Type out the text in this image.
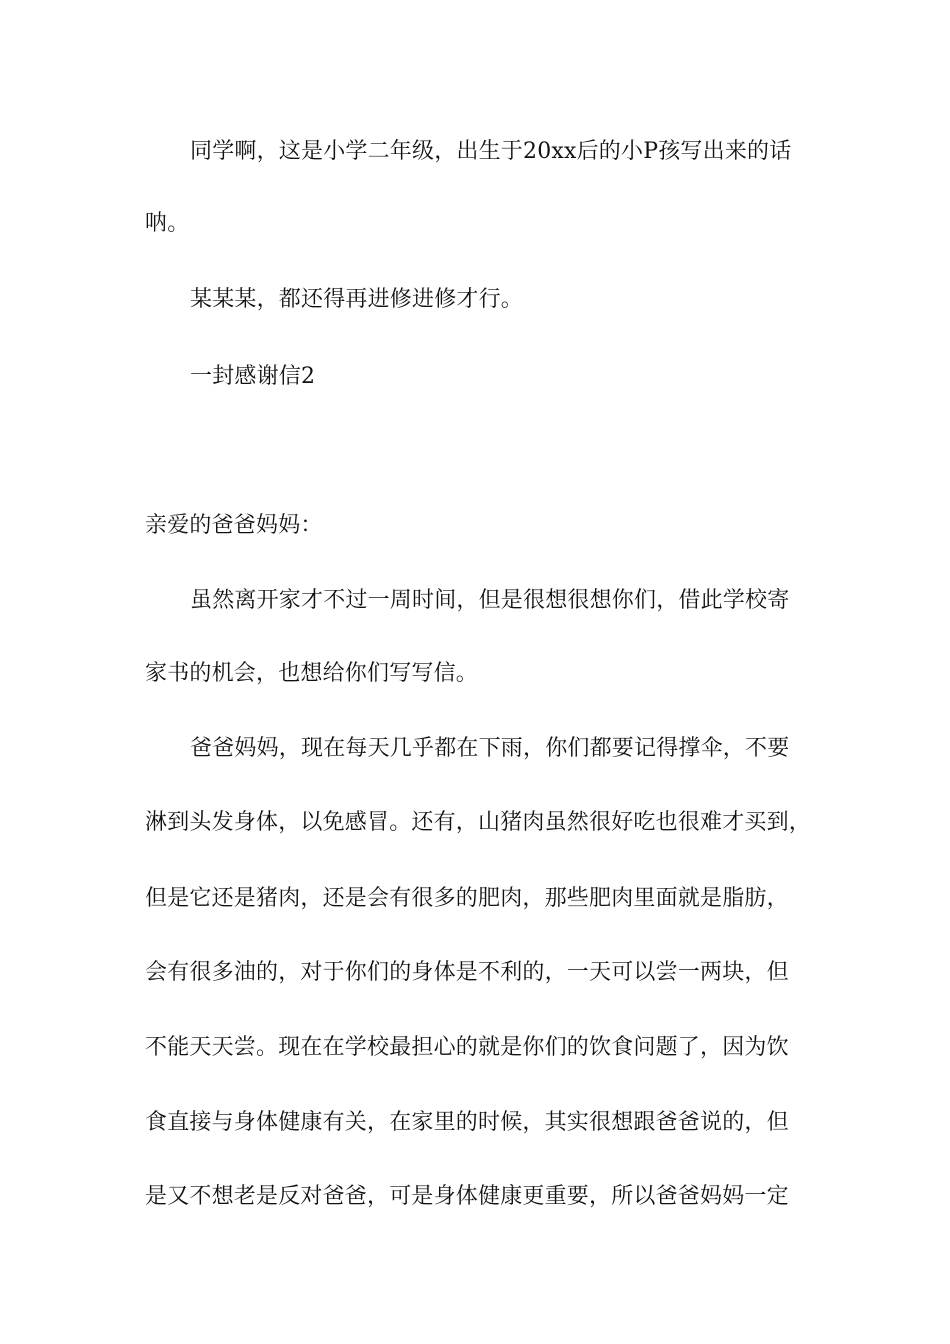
同学啊，这是小学二年级，出生于20xx后的小P孩写出来的话
呐。
某某某，都还得再进修进修才行。
一封感谢信2
亲爱的爸爸妈妈：
虽然离开家才不过一周时间，但是很想很想你们，借此学校寄
家书的机会，也想给你们写写信。
爸爸妈妈，现在每天几乎都在下雨，你们都要记得撑伞，不要
淋到头发身体，以免感冒。还有，山猪肉虽然很好吃也很难才买到，
但是它还是猪肉，还是会有很多的肥肉，那些肥肉里面就是脂肪，
会有很多油的，对于你们的身体是不利的，一天可以尝一两块，但
不能天天尝。现在在学校最担心的就是你们的饮食问题了，因为饮
食直接与身体健康有关，在家里的时候，其实很想跟爸爸说的，但
是又不想老是反对爸爸，可是身体健康更重要，所以爸爸妈妈一定
